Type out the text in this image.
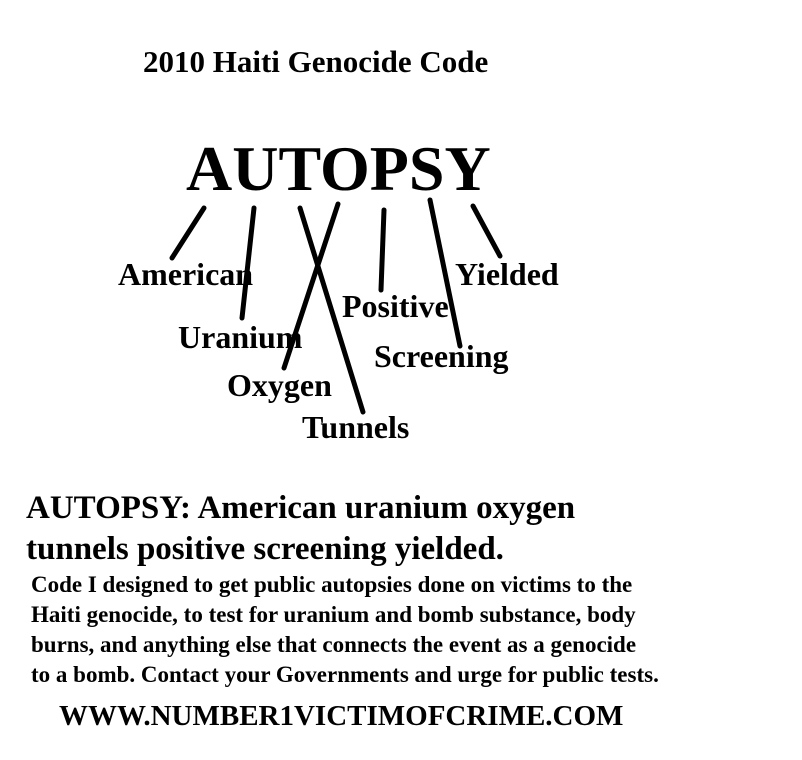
2010 Haiti Genocide Code
AUTOPSY
American
Uranium
Oxygen
Tunnels
Positive
Screening
Yielded
AUTOPSY: American uranium oxygen
tunnels positive screening yielded.
Code I designed to get public autopsies done on victims to the
Haiti genocide, to test for uranium and bomb substance, body
burns, and anything else that connects the event as a genocide
to a bomb. Contact your Governments and urge for public tests.
WWW.NUMBER1VICTIMOFCRIME.COM
